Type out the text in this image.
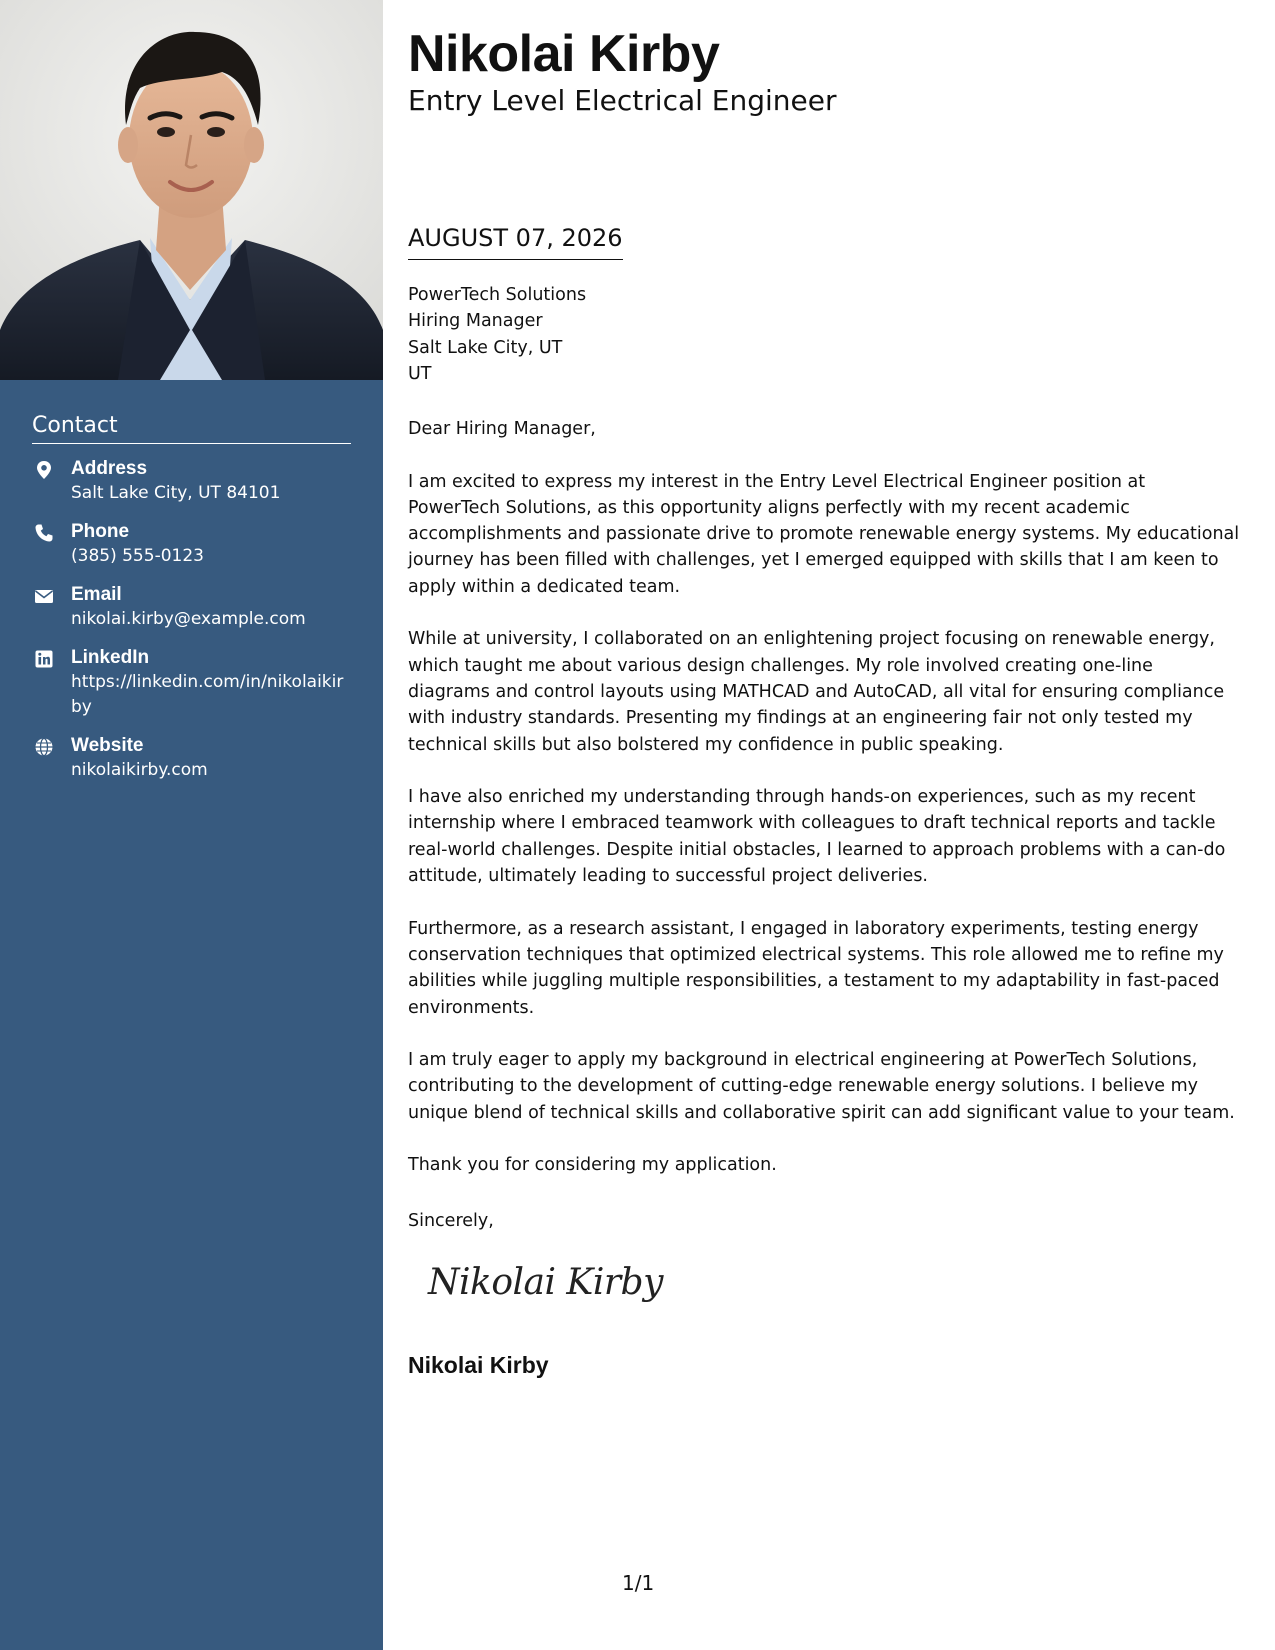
Contact
Address
Salt Lake City, UT 84101
Phone
(385) 555-0123
Email
nikolai.kirby@example.com
LinkedIn
https://linkedin.com/in/nikolaikirby
Website
nikolaikirby.com
Nikolai Kirby
Entry Level Electrical Engineer
AUGUST 07, 2026
PowerTech Solutions
Hiring Manager
Salt Lake City, UT
UT

Dear Hiring Manager,

I am excited to express my interest in the Entry Level Electrical Engineer position at PowerTech Solutions, as this opportunity aligns perfectly with my recent academic accomplishments and passionate drive to promote renewable energy systems. My educational journey has been filled with challenges, yet I emerged equipped with skills that I am keen to apply within a dedicated team.

While at university, I collaborated on an enlightening project focusing on renewable energy, which taught me about various design challenges. My role involved creating one-line diagrams and control layouts using MATHCAD and AutoCAD, all vital for ensuring compliance with industry standards. Presenting my findings at an engineering fair not only tested my technical skills but also bolstered my confidence in public speaking.

I have also enriched my understanding through hands-on experiences, such as my recent internship where I embraced teamwork with colleagues to draft technical reports and tackle real-world challenges. Despite initial obstacles, I learned to approach problems with a can-do attitude, ultimately leading to successful project deliveries.

Furthermore, as a research assistant, I engaged in laboratory experiments, testing energy conservation techniques that optimized electrical systems. This role allowed me to refine my abilities while juggling multiple responsibilities, a testament to my adaptability in fast-paced environments.

I am truly eager to apply my background in electrical engineering at PowerTech Solutions, contributing to the development of cutting-edge renewable energy solutions. I believe my unique blend of technical skills and collaborative spirit can add significant value to your team.

Thank you for considering my application.

Sincerely,
Nikolai Kirby
Nikolai Kirby
1/1
